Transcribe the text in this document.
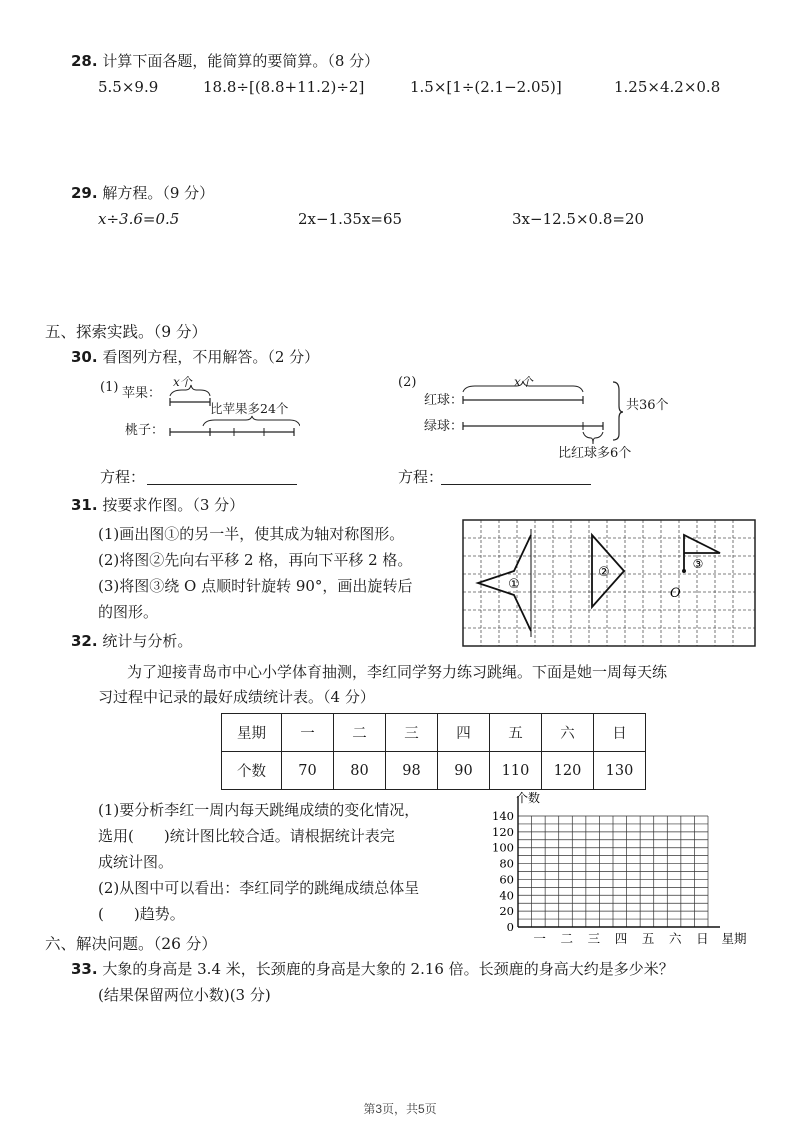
28. 计算下面各题，能简算的要简算。（8 分）
5.5×9.9	18.8÷[(8.8+11.2)÷2]	1.5×[1÷(2.1−2.05)]	1.25×4.2×0.8
29. 解方程。（9 分）
x÷3.6=0.5	2x−1.35x=65	3x−12.5×0.8=20
五、探索实践。（9 分）
30. 看图列方程，不用解答。（2 分）
(1) 苹果：
x个
比苹果多24个
桃子：
(2)
红球：
x个
绿球：
共36个
比红球多6个
方程：	方程：
31. 按要求作图。（3 分）
(1)画出图①的另一半，使其成为轴对称图形。
(2)将图②先向右平移 2 格，再向下平移 2 格。
(3)将图③绕 O 点顺时针旋转 90°，画出旋转后
的图形。
①
②
③
O
32. 统计与分析。
为了迎接青岛市中心小学体育抽测，李红同学努力练习跳绳。下面是她一周每天练
习过程中记录的最好成绩统计表。（4 分）
星期	一	二	三	四	五	六	日
个数	70	80	98	90	110	120	130
(1)要分析李红一周内每天跳绳成绩的变化情况，
选用(　　)统计图比较合适。请根据统计表完
成统计图。
(2)从图中可以看出：李红同学的跳绳成绩总体呈
(　　)趋势。
个数
140
120
100
80
60
40
20
0
一 二 三 四 五 六 日 星期
六、解决问题。（26 分）
33. 大象的身高是 3.4 米，长颈鹿的身高是大象的 2.16 倍。长颈鹿的身高大约是多少米？
(结果保留两位小数)(3 分)
第3页，共5页
